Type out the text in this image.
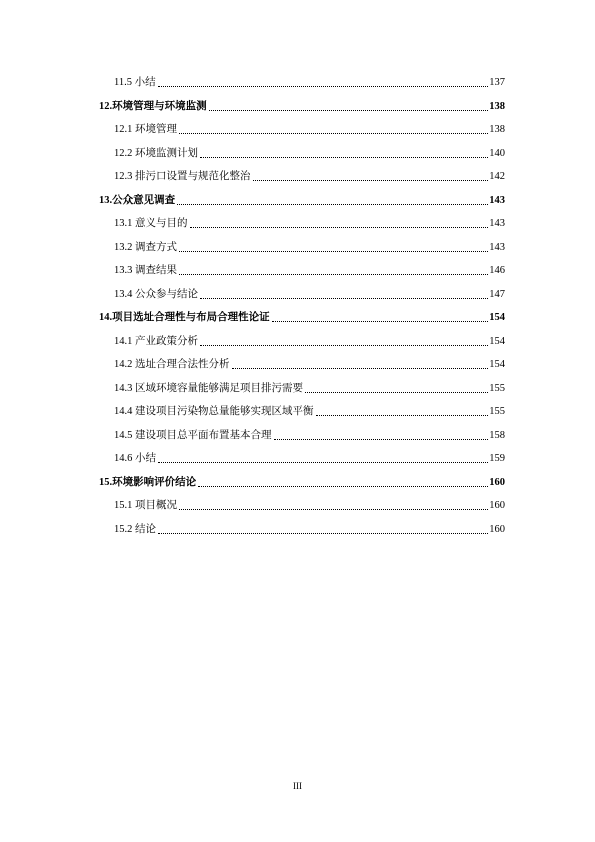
11.5 小结	137
12.环境管理与环境监测	138
12.1 环境管理	138
12.2 环境监测计划	140
12.3 排污口设置与规范化整治	142
13.公众意见调查	143
13.1 意义与目的	143
13.2 调查方式	143
13.3 调查结果	146
13.4 公众参与结论	147
14.项目选址合理性与布局合理性论证	154
14.1 产业政策分析	154
14.2 选址合理合法性分析	154
14.3 区域环境容量能够满足项目排污需要	155
14.4 建设项目污染物总量能够实现区域平衡	155
14.5 建设项目总平面布置基本合理	158
14.6 小结	159
15.环境影响评价结论	160
15.1 项目概况	160
15.2 结论	160
III
